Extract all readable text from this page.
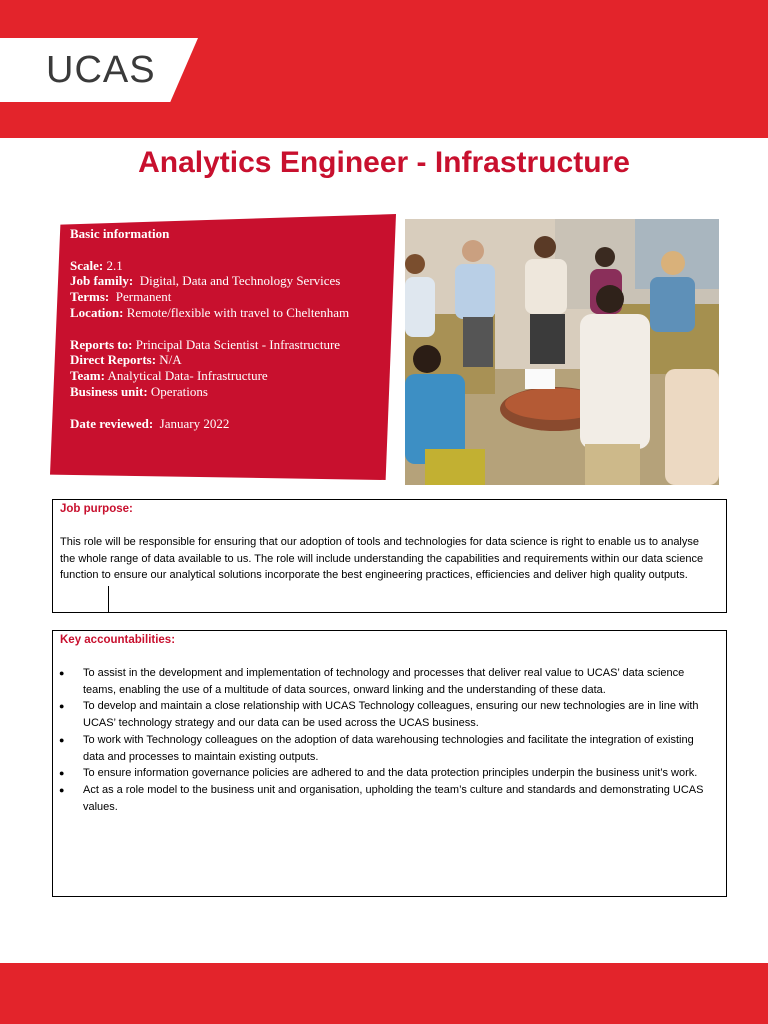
UCAS
Analytics Engineer - Infrastructure
Basic information
Scale: 2.1
Job family: Digital, Data and Technology Services
Terms: Permanent
Location: Remote/flexible with travel to Cheltenham
Reports to: Principal Data Scientist - Infrastructure
Direct Reports: N/A
Team: Analytical Data- Infrastructure
Business unit: Operations
Date reviewed: January 2022
Job purpose:
This role will be responsible for ensuring that our adoption of tools and technologies for data science is right to enable us to analyse the whole range of data available to us. The role will include understanding the capabilities and requirements within our data science function to ensure our analytical solutions incorporate the best engineering practices, efficiencies and deliver high quality outputs.
Key accountabilities:
● To assist in the development and implementation of technology and processes that deliver real value to UCAS’ data science teams, enabling the use of a multitude of data sources, onward linking and the understanding of these data.
● To develop and maintain a close relationship with UCAS Technology colleagues, ensuring our new technologies are in line with UCAS’ technology strategy and our data can be used across the UCAS business.
● To work with Technology colleagues on the adoption of data warehousing technologies and facilitate the integration of existing data and processes to maintain existing outputs.
● To ensure information governance policies are adhered to and the data protection principles underpin the business unit’s work.
● Act as a role model to the business unit and organisation, upholding the team’s culture and standards and demonstrating UCAS values.
